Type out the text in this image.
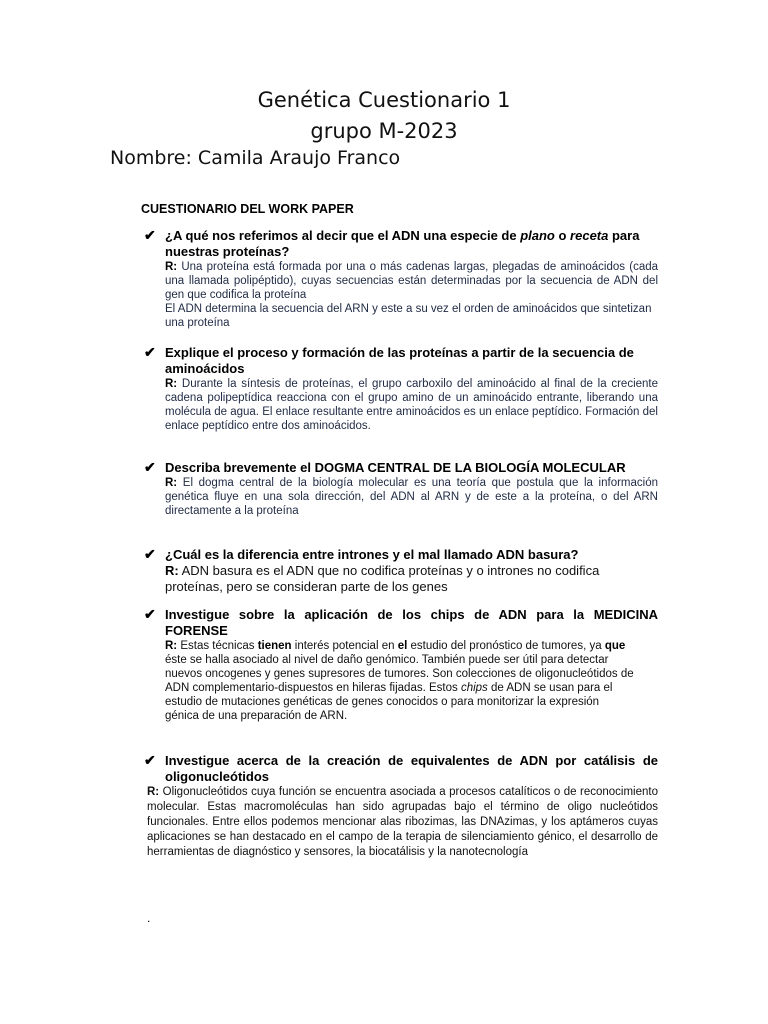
Genética Cuestionario 1
grupo M-2023
Nombre: Camila Araujo Franco
CUESTIONARIO DEL WORK PAPER
✔ ¿A qué nos referimos al decir que el ADN una especie de plano o receta para nuestras proteínas?
R: Una proteína está formada por una o más cadenas largas, plegadas de aminoácidos (cada una llamada polipéptido), cuyas secuencias están determinadas por la secuencia de ADN del gen que codifica la proteína
El ADN determina la secuencia del ARN y este a su vez el orden de aminoácidos que sintetizan una proteína
✔ Explique el proceso y formación de las proteínas a partir de la secuencia de aminoácidos
R: Durante la síntesis de proteínas, el grupo carboxilo del aminoácido al final de la creciente cadena polipeptídica reacciona con el grupo amino de un aminoácido entrante, liberando una molécula de agua. El enlace resultante entre aminoácidos es un enlace peptídico. Formación del enlace peptídico entre dos aminoácidos.
✔ Describa brevemente el DOGMA CENTRAL DE LA BIOLOGÍA MOLECULAR
R: El dogma central de la biología molecular es una teoría que postula que la información genética fluye en una sola dirección, del ADN al ARN y de este a la proteína, o del ARN directamente a la proteína
✔ ¿Cuál es la diferencia entre intrones y el mal llamado ADN basura?
R: ADN basura es el ADN que no codifica proteínas y o intrones no codifica proteínas, pero se consideran parte de los genes
✔ Investigue sobre la aplicación de los chips de ADN para la MEDICINA FORENSE
R: Estas técnicas tienen interés potencial en el estudio del pronóstico de tumores, ya que éste se halla asociado al nivel de daño genómico. También puede ser útil para detectar nuevos oncogenes y genes supresores de tumores. Son colecciones de oligonucleótidos de ADN complementario-dispuestos en hileras fijadas. Estos chips de ADN se usan para el estudio de mutaciones genéticas de genes conocidos o para monitorizar la expresión génica de una preparación de ARN.
✔ Investigue acerca de la creación de equivalentes de ADN por catálisis de oligonucleótidos
R: Oligonucleótidos cuya función se encuentra asociada a procesos catalíticos o de reconocimiento molecular. Estas macromoléculas han sido agrupadas bajo el término de oligo nucleótidos funcionales. Entre ellos podemos mencionar alas ribozimas, las DNAzimas, y los aptámeros cuyas aplicaciones se han destacado en el campo de la terapia de silenciamiento génico, el desarrollo de herramientas de diagnóstico y sensores, la biocatálisis y la nanotecnología
.
